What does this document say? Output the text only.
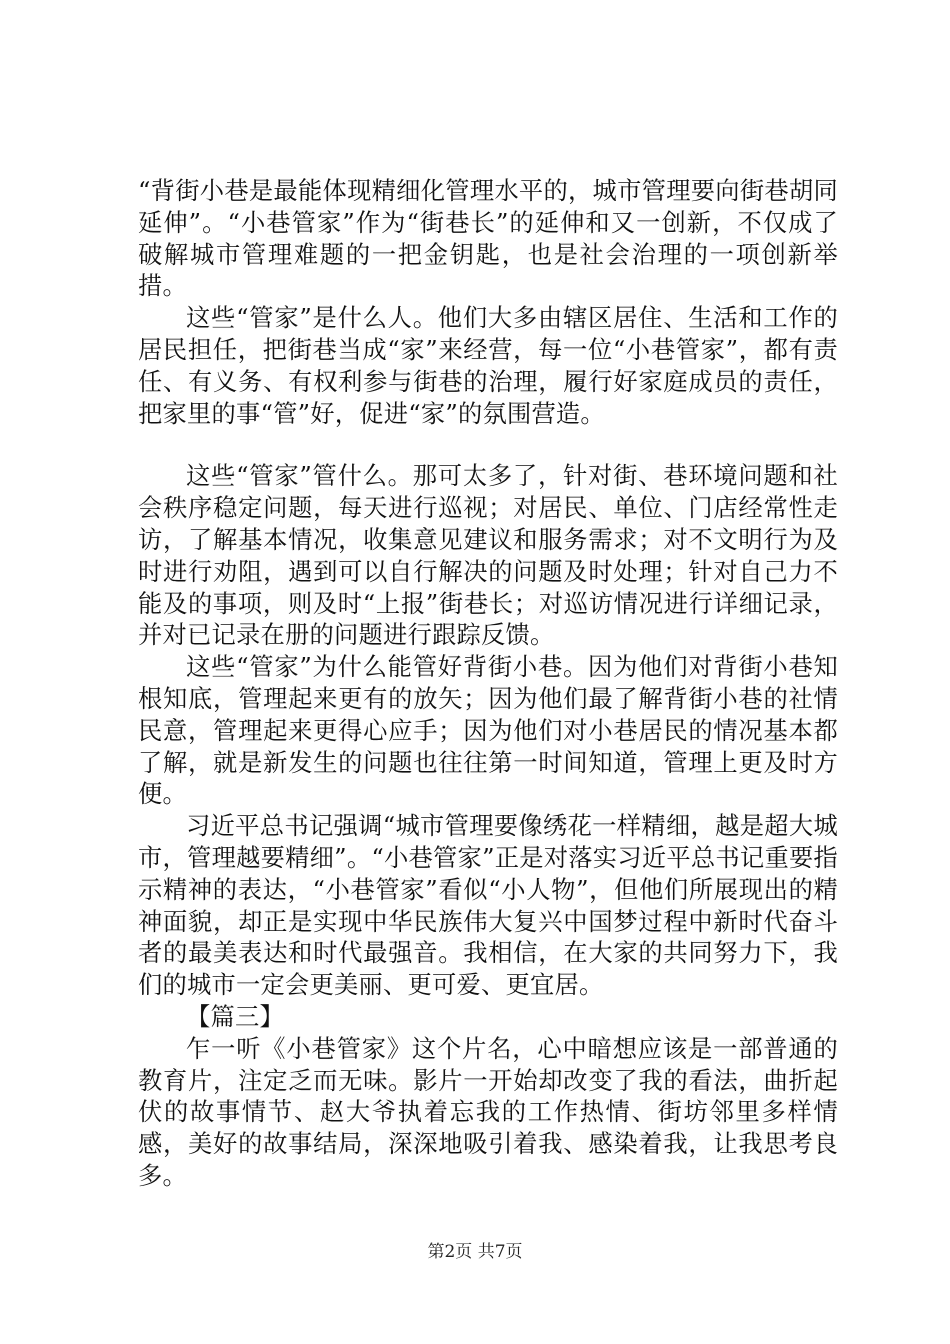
“背街小巷是最能体现精细化管理水平的，城市管理要向街巷胡同延伸”。“小巷管家”作为“街巷长”的延伸和又一创新，不仅成了破解城市管理难题的一把金钥匙，也是社会治理的一项创新举措。

这些“管家”是什么人。他们大多由辖区居住、生活和工作的居民担任，把街巷当成“家”来经营，每一位“小巷管家”，都有责任、有义务、有权利参与街巷的治理，履行好家庭成员的责任，把家里的事“管”好，促进“家”的氛围营造。

这些“管家”管什么。那可太多了，针对街、巷环境问题和社会秩序稳定问题，每天进行巡视；对居民、单位、门店经常性走访，了解基本情况，收集意见建议和服务需求；对不文明行为及时进行劝阻，遇到可以自行解决的问题及时处理；针对自己力不能及的事项，则及时“上报”街巷长；对巡访情况进行详细记录，并对已记录在册的问题进行跟踪反馈。

这些“管家”为什么能管好背街小巷。因为他们对背街小巷知根知底，管理起来更有的放矢；因为他们最了解背街小巷的社情民意，管理起来更得心应手；因为他们对小巷居民的情况基本都了解，就是新发生的问题也往往第一时间知道，管理上更及时方便。

习近平总书记强调“城市管理要像绣花一样精细，越是超大城市，管理越要精细”。“小巷管家”正是对落实习近平总书记重要指示精神的表达，“小巷管家”看似“小人物”，但他们所展现出的精神面貌，却正是实现中华民族伟大复兴中国梦过程中新时代奋斗者的最美表达和时代最强音。我相信，在大家的共同努力下，我们的城市一定会更美丽、更可爱、更宜居。

【篇三】

乍一听《小巷管家》这个片名，心中暗想应该是一部普通的教育片，注定乏而无味。影片一开始却改变了我的看法，曲折起伏的故事情节、赵大爷执着忘我的工作热情、街坊邻里多样情感，美好的故事结局，深深地吸引着我、感染着我，让我思考良多。

第2页 共7页
